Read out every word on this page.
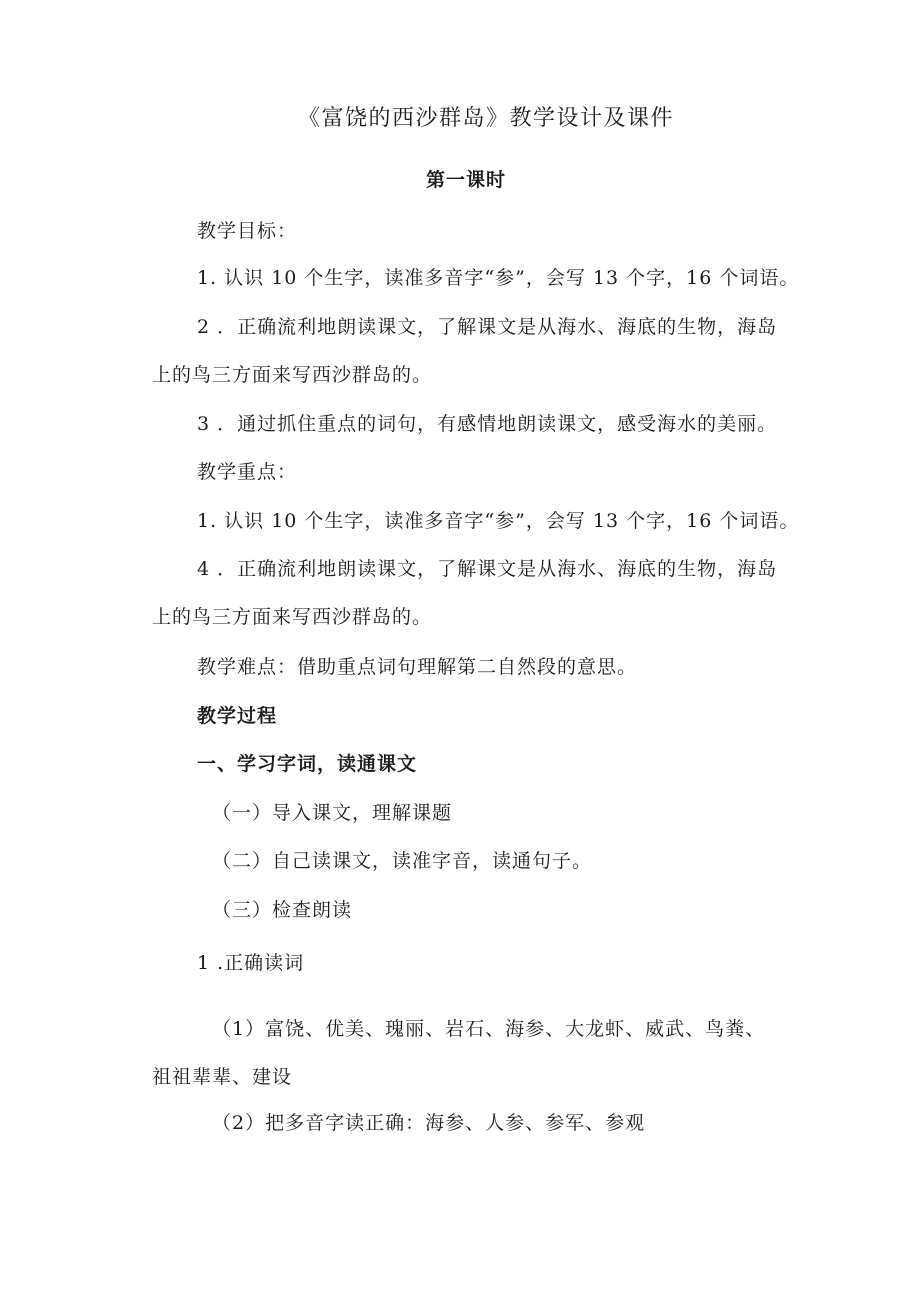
《富饶的西沙群岛》教学设计及课件
第一课时
教学目标：
1. 认识 10 个生字，读准多音字“参”，会写 13 个字，16 个词语。
2 ．正确流利地朗读课文，了解课文是从海水、海底的生物，海岛
上的鸟三方面来写西沙群岛的。
3 ．通过抓住重点的词句，有感情地朗读课文，感受海水的美丽。
教学重点：
1. 认识 10 个生字，读准多音字“参”，会写 13 个字，16 个词语。
4 ．正确流利地朗读课文，了解课文是从海水、海底的生物，海岛
上的鸟三方面来写西沙群岛的。
教学难点：借助重点词句理解第二自然段的意思。
教学过程
一、学习字词，读通课文
（一）导入课文，理解课题
（二）自己读课文，读准字音，读通句子。
（三）检查朗读
1 .正确读词
（1）富饶、优美、瑰丽、岩石、海参、大龙虾、威武、鸟粪、
祖祖辈辈、建设
（2）把多音字读正确：海参、人参、参军、参观
